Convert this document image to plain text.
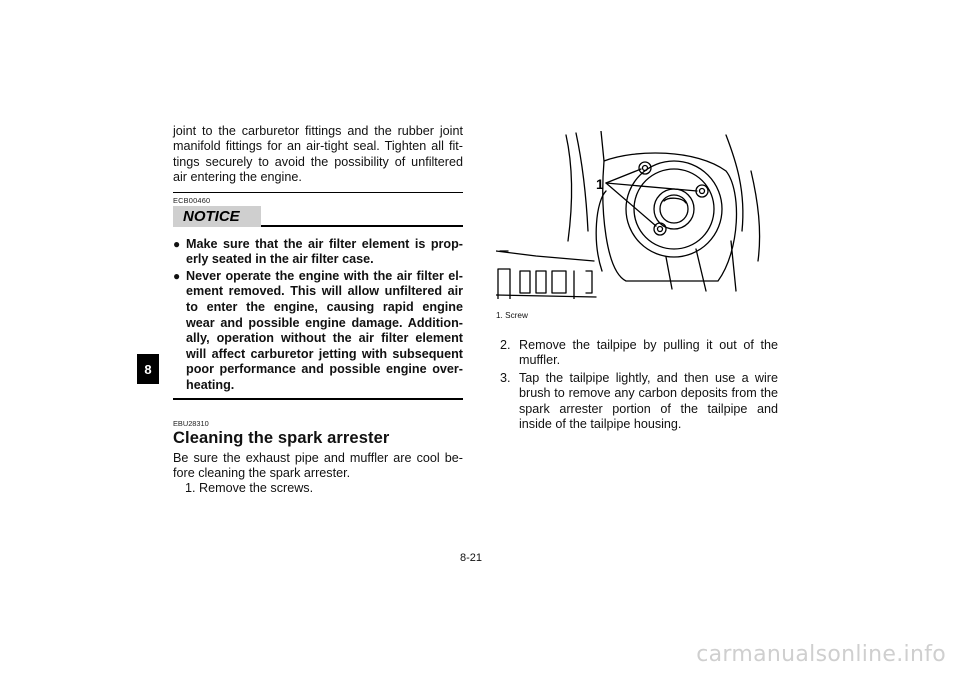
8

joint to the carburetor fittings and the rubber joint manifold fittings for an air-tight seal. Tighten all fit-tings securely to avoid the possibility of unfiltered air entering the engine.

ECB00460
NOTICE
● Make sure that the air filter element is prop-erly seated in the air filter case.
● Never operate the engine with the air filter el-ement removed. This will allow unfiltered air to enter the engine, causing rapid engine wear and possible engine damage. Addition-ally, operation without the air filter element will affect carburetor jetting with subsequent poor performance and possible engine over-heating.
EBU28310
Cleaning the spark arrester

Be sure the exhaust pipe and muffler are cool be-fore cleaning the spark arrester.

1. Remove the screws.

1
1. Screw

2. Remove the tailpipe by pulling it out of the muffler.

3. Tap the tailpipe lightly, and then use a wire brush to remove any carbon deposits from the spark arrester portion of the tailpipe and inside of the tailpipe housing.

8-21
carmanualsonline.info
